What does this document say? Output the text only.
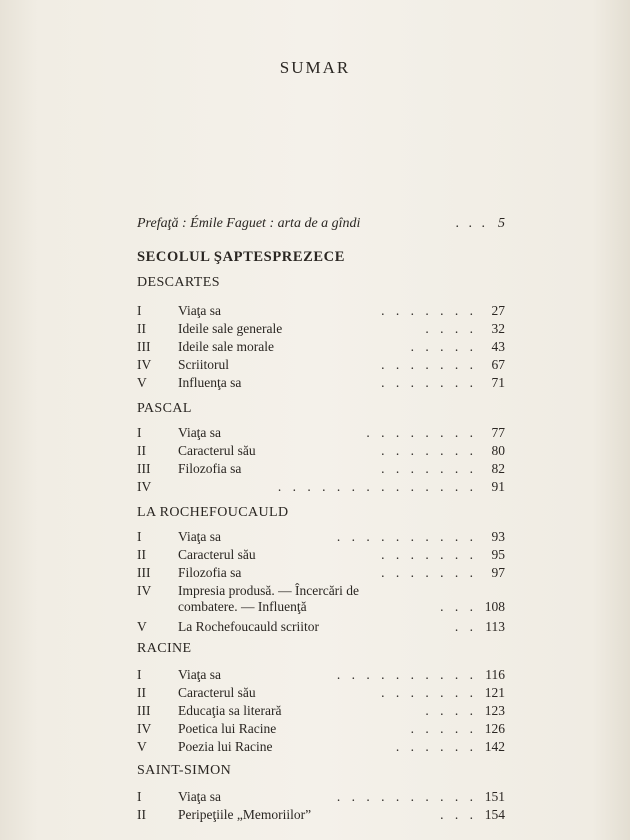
SUMAR
Prefaţă : Émile Faguet : arta de a gîndi	. . . 5
SECOLUL ŞAPTESPREZECE
DESCARTES
I	Viaţa sa	. . . . . . .	27
II	Ideile sale generale	. . . .	32
III	Ideile sale morale	. . . . .	43
IV	Scriitorul	. . . . . . .	67
V	Influenţa sa	. . . . . . .	71
PASCAL
I	Viaţa sa	. . . . . . . .	77
II	Caracterul său	. . . . . . .	80
III	Filozofia sa	. . . . . . .	82
IV	. . . . . . . . . . . . . .	91
LA ROCHEFOUCAULD
I	Viaţa sa	. . . . . . . . . .	93
II	Caracterul său	. . . . . . .	95
III	Filozofia sa	. . . . . . .	97
IV	Impresia produsă. — Încercări de
combatere. — Influenţă	. . . 108
V	La Rochefoucauld scriitor	. . 113
RACINE
I	Viaţa sa	. . . . . . . . . . 116
II	Caracterul său	. . . . . . . 121
III	Educaţia sa literară	. . . . 123
IV	Poetica lui Racine	. . . . . 126
V	Poezia lui Racine	. . . . . . 142
SAINT-SIMON
I	Viaţa sa	. . . . . . . . . . 151
II	Peripeţiile „Memoriilor”	. . . 154
